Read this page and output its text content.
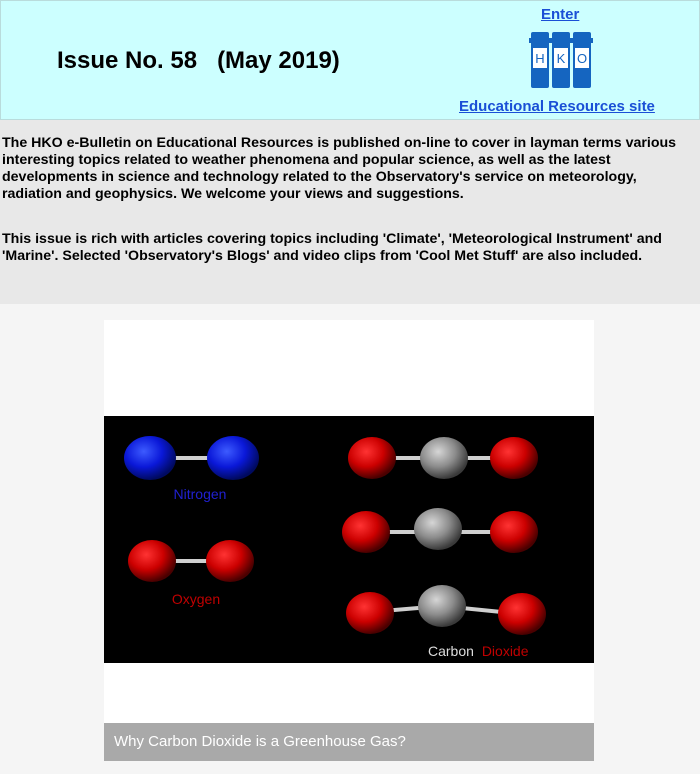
Issue No. 58   (May 2019)
Enter
H K O
Educational Resources site

The HKO e-Bulletin on Educational Resources is published on-line to cover in layman terms various interesting topics related to weather phenomena and popular science, as well as the latest developments in science and technology related to the Observatory's service on meteorology, radiation and geophysics. We welcome your views and suggestions.

This issue is rich with articles covering topics including 'Climate', 'Meteorological Instrument' and 'Marine'. Selected 'Observatory's Blogs' and video clips from 'Cool Met Stuff' are also included.

Nitrogen
Oxygen
Carbon Dioxide
Why Carbon Dioxide is a Greenhouse Gas?
